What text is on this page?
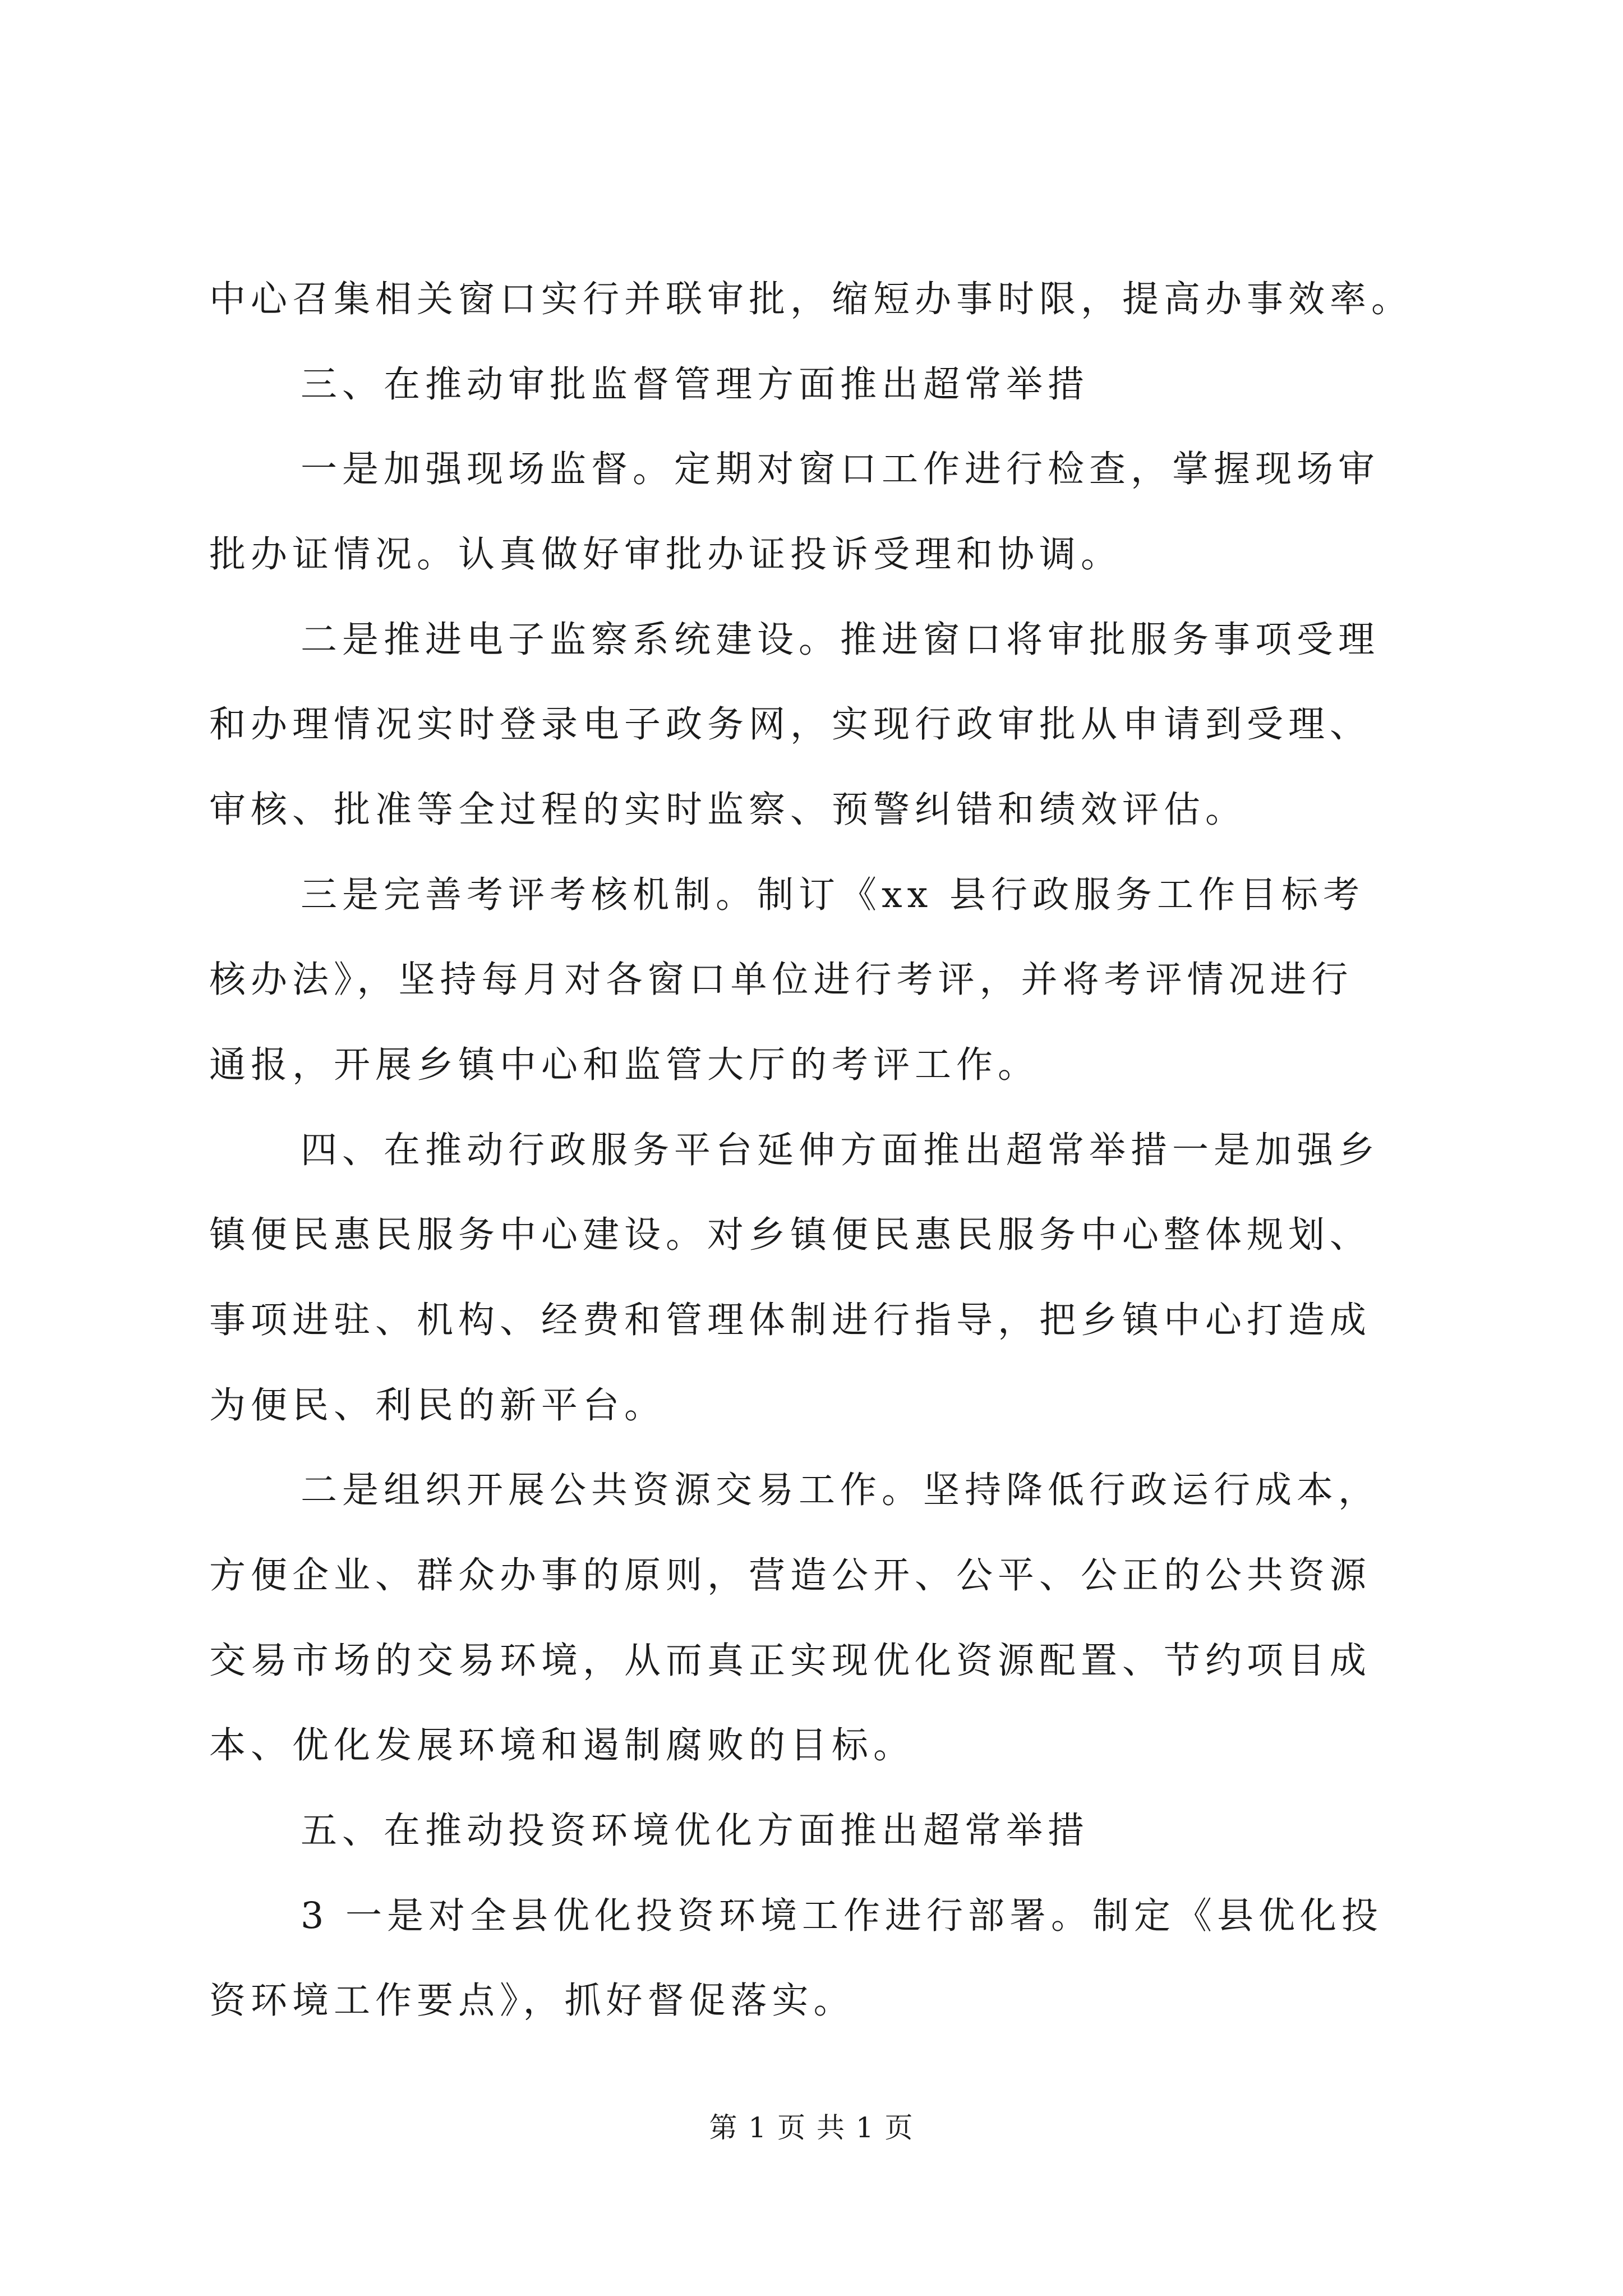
中心召集相关窗口实行并联审批，缩短办事时限，提高办事效率。
三、在推动审批监督管理方面推出超常举措
一是加强现场监督。定期对窗口工作进行检查，掌握现场审
批办证情况。认真做好审批办证投诉受理和协调。
二是推进电子监察系统建设。推进窗口将审批服务事项受理
和办理情况实时登录电子政务网，实现行政审批从申请到受理、
审核、批准等全过程的实时监察、预警纠错和绩效评估。
三是完善考评考核机制。制订《xx 县行政服务工作目标考
核办法》，坚持每月对各窗口单位进行考评，并将考评情况进行
通报，开展乡镇中心和监管大厅的考评工作。
四、在推动行政服务平台延伸方面推出超常举措一是加强乡
镇便民惠民服务中心建设。对乡镇便民惠民服务中心整体规划、
事项进驻、机构、经费和管理体制进行指导，把乡镇中心打造成
为便民、利民的新平台。
二是组织开展公共资源交易工作。坚持降低行政运行成本，
方便企业、群众办事的原则，营造公开、公平、公正的公共资源
交易市场的交易环境，从而真正实现优化资源配置、节约项目成
本、优化发展环境和遏制腐败的目标。
五、在推动投资环境优化方面推出超常举措
3 一是对全县优化投资环境工作进行部署。制定《县优化投
资环境工作要点》，抓好督促落实。
第 1 页 共 1 页
